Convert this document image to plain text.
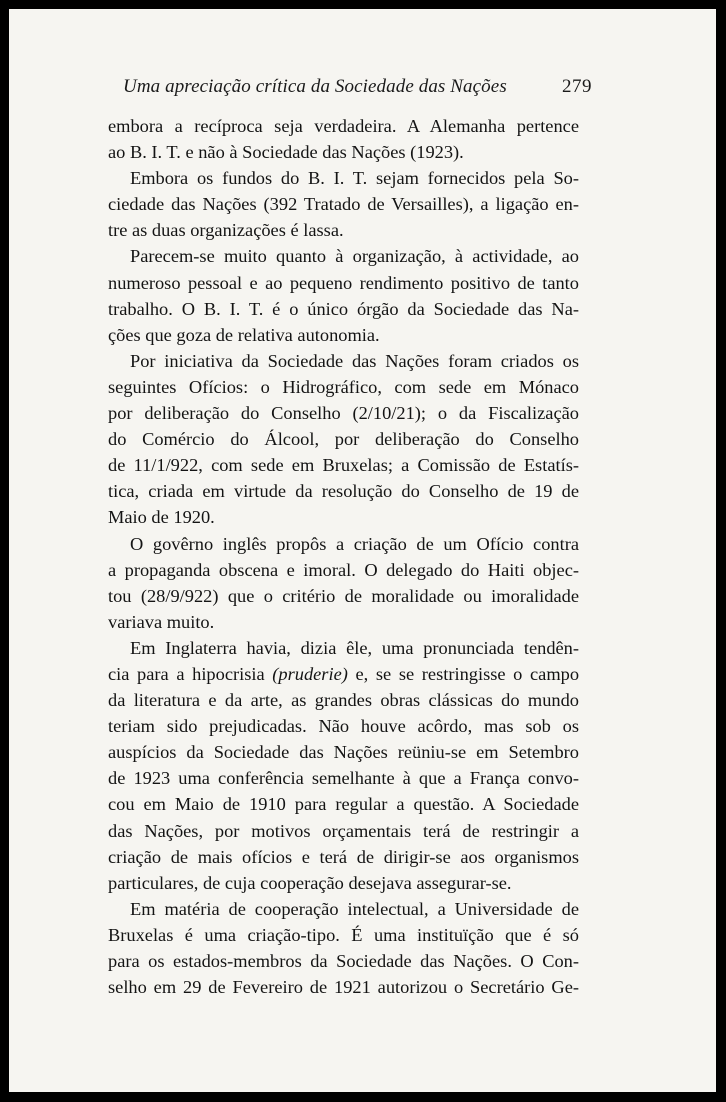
Uma apreciação crítica da Sociedade das Nações	279
embora a recíproca seja verdadeira. A Alemanha pertence
ao B. I. T. e não à Sociedade das Nações (1923).
Embora os fundos do B. I. T. sejam fornecidos pela So-
ciedade das Nações (392 Tratado de Versailles), a ligação en-
tre as duas organizações é lassa.
Parecem-se muito quanto à organização, à actividade, ao
numeroso pessoal e ao pequeno rendimento positivo de tanto
trabalho. O B. I. T. é o único órgão da Sociedade das Na-
ções que goza de relativa autonomia.
Por iniciativa da Sociedade das Nações foram criados os
seguintes Ofícios: o Hidrográfico, com sede em Mónaco
por deliberação do Conselho (2/10/21); o da Fiscalização
do Comércio do Álcool, por deliberação do Conselho
de 11/1/922, com sede em Bruxelas; a Comissão de Estatís-
tica, criada em virtude da resolução do Conselho de 19 de
Maio de 1920.
O govêrno inglês propôs a criação de um Ofício contra
a propaganda obscena e imoral. O delegado do Haiti objec-
tou (28/9/922) que o critério de moralidade ou imoralidade
variava muito.
Em Inglaterra havia, dizia êle, uma pronunciada tendên-
cia para a hipocrisia (pruderie) e, se se restringisse o campo
da literatura e da arte, as grandes obras clássicas do mundo
teriam sido prejudicadas. Não houve acôrdo, mas sob os
auspícios da Sociedade das Nações reüniu-se em Setembro
de 1923 uma conferência semelhante à que a França convo-
cou em Maio de 1910 para regular a questão. A Sociedade
das Nações, por motivos orçamentais terá de restringir a
criação de mais ofícios e terá de dirigir-se aos organismos
particulares, de cuja cooperação desejava assegurar-se.
Em matéria de cooperação intelectual, a Universidade de
Bruxelas é uma criação-tipo. É uma instituïção que é só
para os estados-membros da Sociedade das Nações. O Con-
selho em 29 de Fevereiro de 1921 autorizou o Secretário Ge-
